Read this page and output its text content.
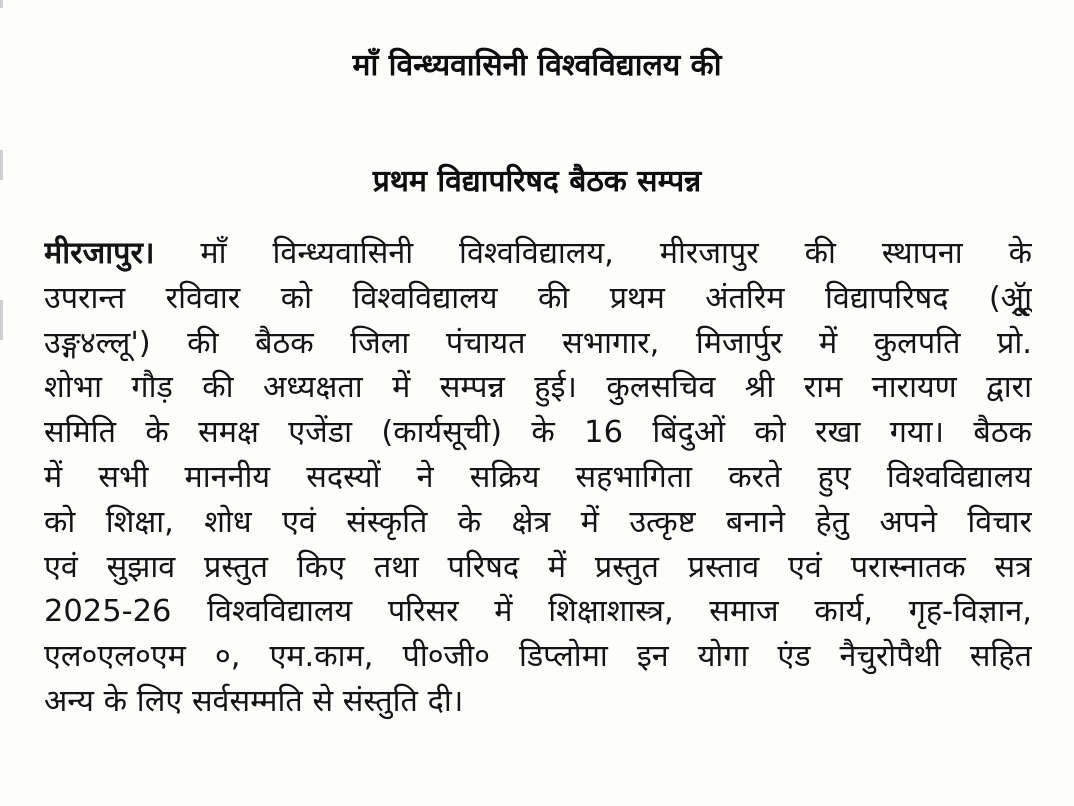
माँ विन्ध्यवासिनी विश्वविद्यालय की
प्रथम विद्यापरिषद बैठक सम्पन्न
मीरजापुर। माँ विन्ध्यवासिनी विश्वविद्यालय, मीरजापुर की स्थापना के
उपरान्त रविवार को विश्वविद्यालय की प्रथम अंतरिम विद्यापरिषद (अ्रॅूाू
उङ्ग४ल्लू') की बैठक जिला पंचायत सभागार, मिजार्पुर में कुलपति प्रो.
शोभा गौड़ की अध्यक्षता में सम्पन्न हुई। कुलसचिव श्री राम नारायण द्वारा
समिति के समक्ष एजेंडा (कार्यसूची) के 16 बिंदुओं को रखा गया। बैठक
में सभी माननीय सदस्यों ने सक्रिय सहभागिता करते हुए विश्वविद्यालय
को शिक्षा, शोध एवं संस्कृति के क्षेत्र में उत्कृष्ट बनाने हेतु अपने विचार
एवं सुझाव प्रस्तुत किए तथा परिषद में प्रस्तुत प्रस्ताव एवं परास्नातक सत्र
2025-26 विश्वविद्यालय परिसर में शिक्षाशास्त्र, समाज कार्य, गृह-विज्ञान,
एल०एल०एम ०, एम.काम, पी०जी० डिप्लोमा इन योगा एंड नैचुरोपैथी सहित
अन्य के लिए सर्वसम्मति से संस्तुति दी।
